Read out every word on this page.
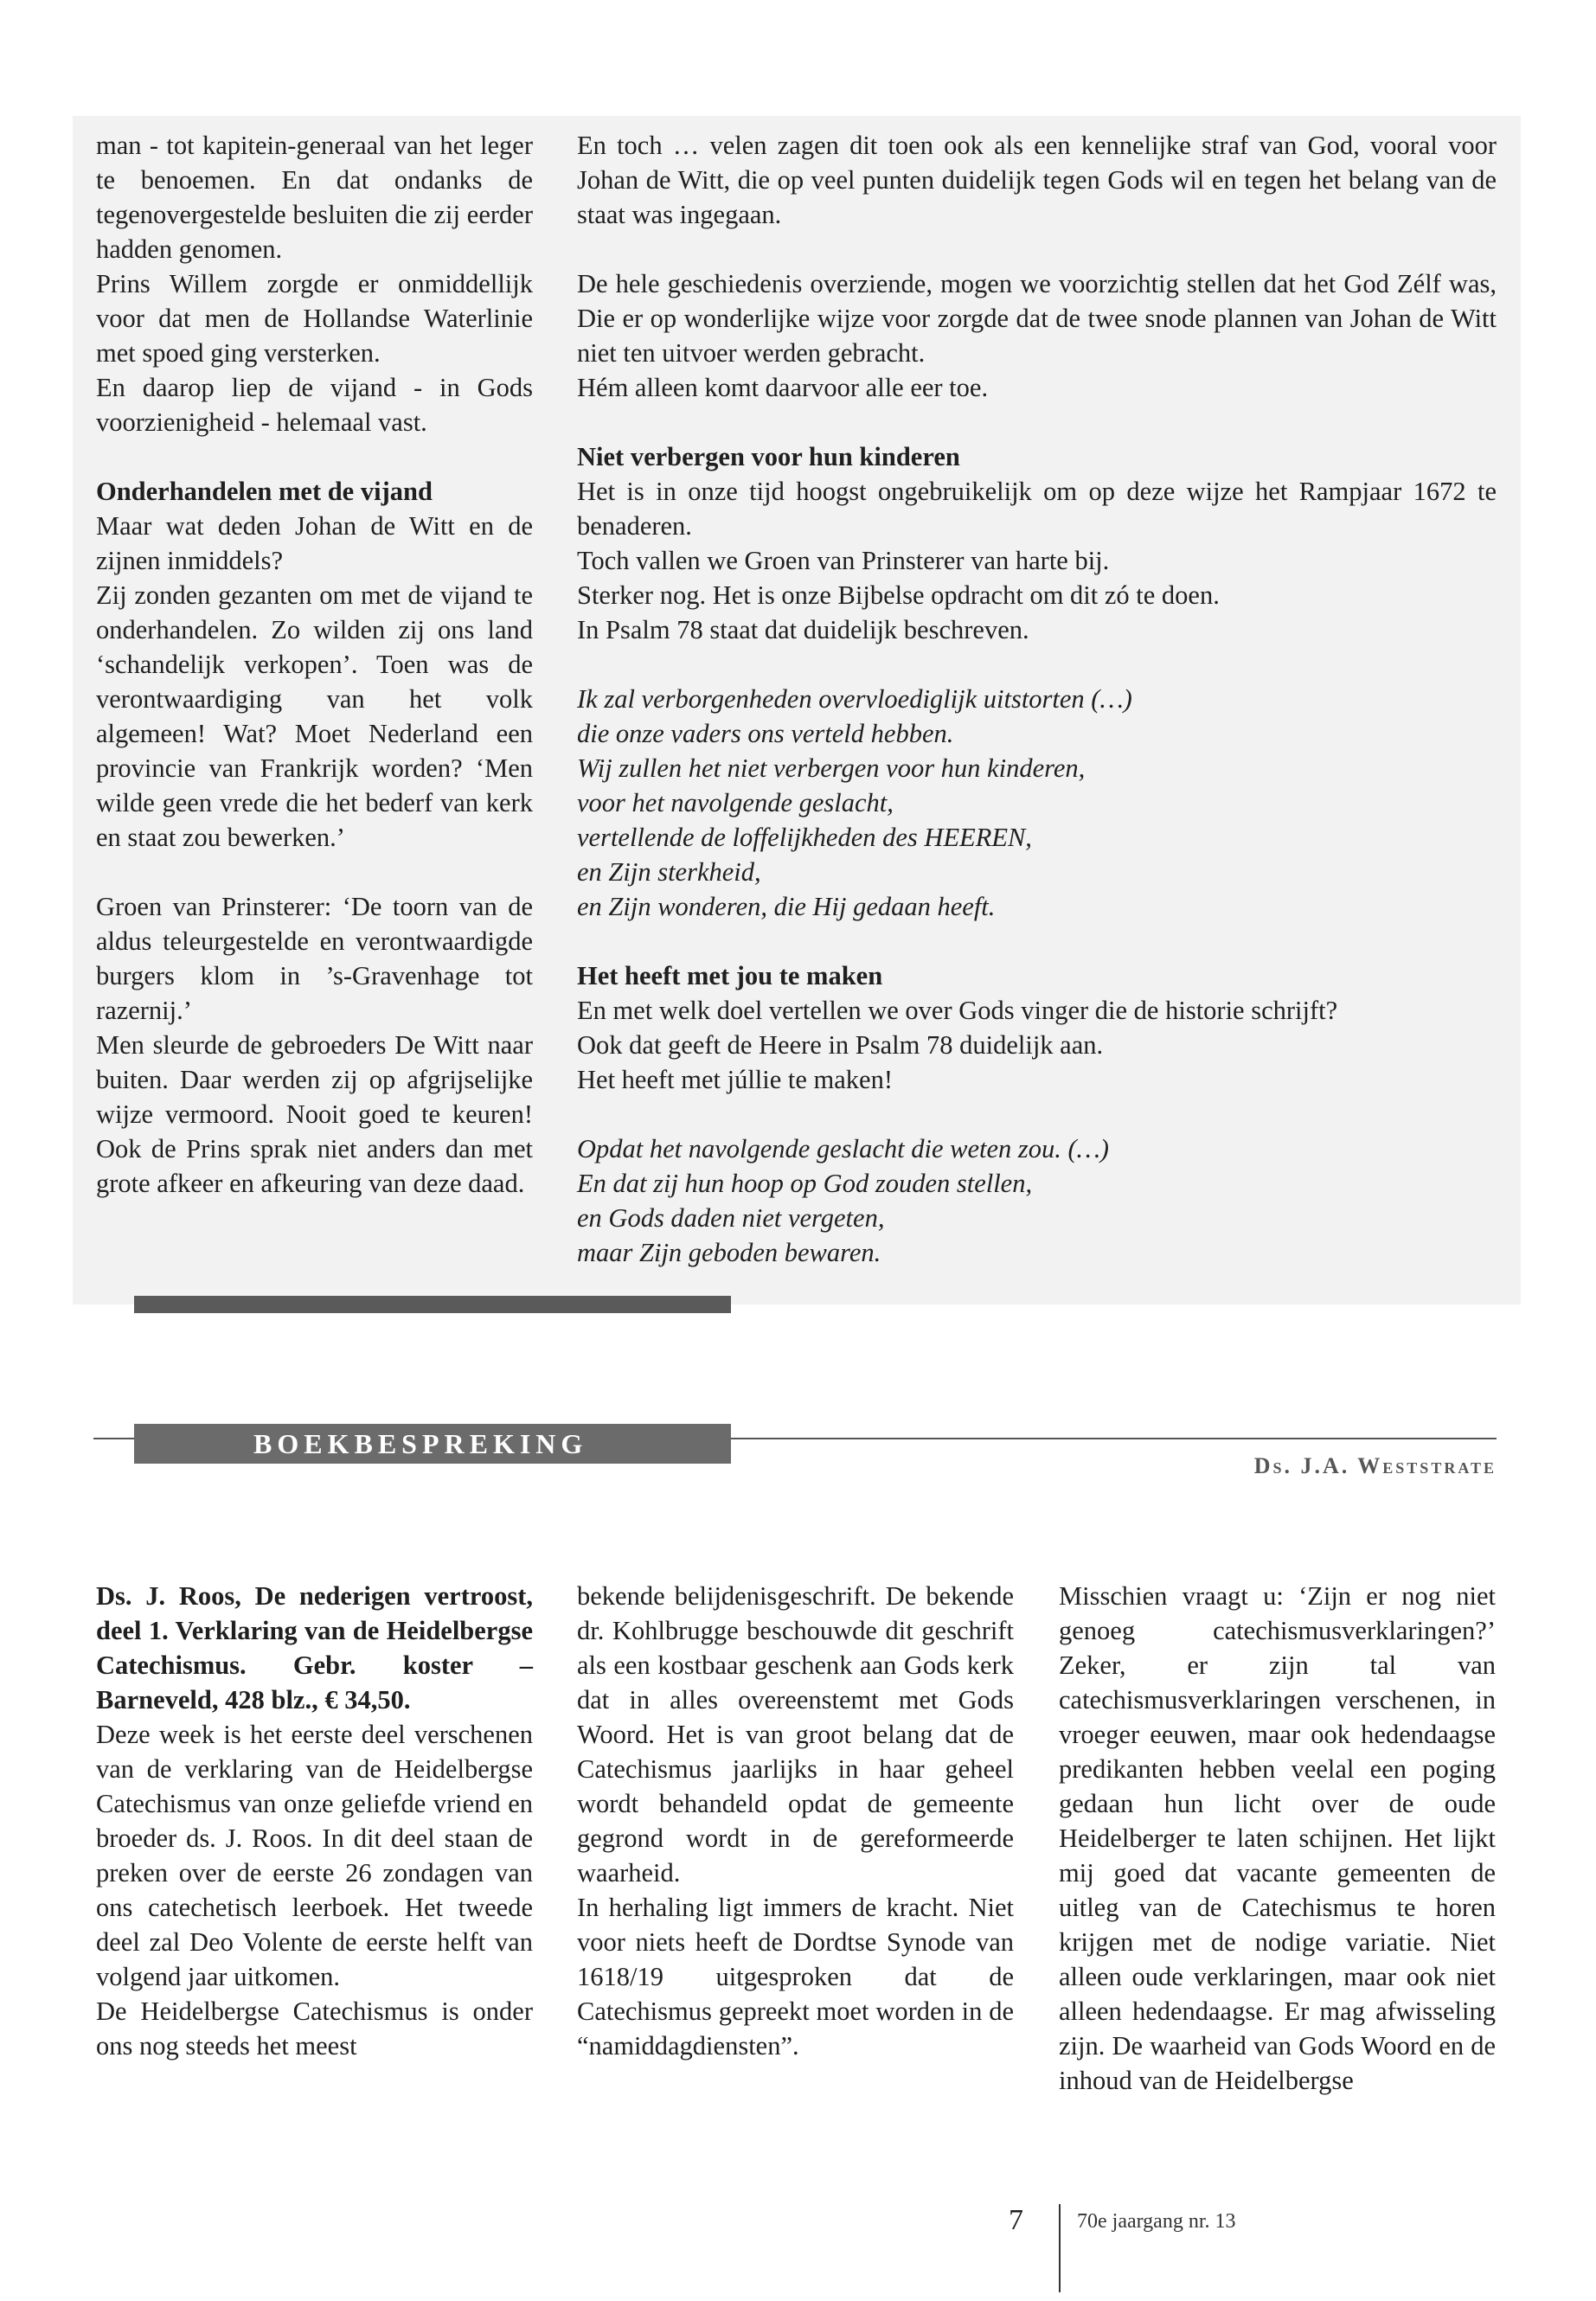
man - tot kapitein-generaal van het leger te benoemen. En dat ondanks de tegenovergestelde besluiten die zij eerder hadden genomen.

Prins Willem zorgde er onmiddellijk voor dat men de Hollandse Waterlinie met spoed ging versterken.

En daarop liep de vijand - in Gods voorzienigheid - helemaal vast.

Onderhandelen met de vijand

Maar wat deden Johan de Witt en de zijnen inmiddels?

Zij zonden gezanten om met de vijand te onderhandelen. Zo wilden zij ons land ‘schandelijk verkopen’. Toen was de verontwaardiging van het volk algemeen! Wat? Moet Nederland een provincie van Frankrijk worden? ‘Men wilde geen vrede die het bederf van kerk en staat zou bewerken.’

Groen van Prinsterer: ‘De toorn van de aldus teleurgestelde en verontwaardigde burgers klom in ’s-Gravenhage tot razernij.’

Men sleurde de gebroeders De Witt naar buiten. Daar werden zij op afgrijselijke wijze vermoord. Nooit goed te keuren! Ook de Prins sprak niet anders dan met grote afkeer en afkeuring van deze daad.

En toch … velen zagen dit toen ook als een kennelijke straf van God, vooral voor Johan de Witt, die op veel punten duidelijk tegen Gods wil en tegen het belang van de staat was ingegaan.

De hele geschiedenis overziende, mogen we voorzichtig stellen dat het God Zélf was, Die er op wonderlijke wijze voor zorgde dat de twee snode plannen van Johan de Witt niet ten uitvoer werden gebracht.

Hém alleen komt daarvoor alle eer toe.

Niet verbergen voor hun kinderen

Het is in onze tijd hoogst ongebruikelijk om op deze wijze het Rampjaar 1672 te benaderen.

Toch vallen we Groen van Prinsterer van harte bij.

Sterker nog. Het is onze Bijbelse opdracht om dit zó te doen.

In Psalm 78 staat dat duidelijk beschreven.

Ik zal verborgenheden overvloediglijk uitstorten (…)

die onze vaders ons verteld hebben.

Wij zullen het niet verbergen voor hun kinderen,

voor het navolgende geslacht,

vertellende de loffelijkheden des HEEREN,

en Zijn sterkheid,

en Zijn wonderen, die Hij gedaan heeft.

Het heeft met jou te maken

En met welk doel vertellen we over Gods vinger die de historie schrijft?

Ook dat geeft de Heere in Psalm 78 duidelijk aan.

Het heeft met júllie te maken!

Opdat het navolgende geslacht die weten zou. (…)

En dat zij hun hoop op God zouden stellen,

en Gods daden niet vergeten,

maar Zijn geboden bewaren.

BOEKBESPREKING
Ds. J.A. Weststrate

Ds. J. Roos, De nederigen vertroost, deel 1. Verklaring van de Heidelbergse Catechismus. Gebr. koster – Barneveld, 428 blz., € 34,50.

Deze week is het eerste deel verschenen van de verklaring van de Heidelbergse Catechismus van onze geliefde vriend en broeder ds. J. Roos. In dit deel staan de preken over de eerste 26 zondagen van ons catechetisch leerboek. Het tweede deel zal Deo Volente de eerste helft van volgend jaar uitkomen.

De Heidelbergse Catechismus is onder ons nog steeds het meest

bekende belijdenisgeschrift. De bekende dr. Kohlbrugge beschouwde dit geschrift als een kostbaar geschenk aan Gods kerk dat in alles overeenstemt met Gods Woord. Het is van groot belang dat de Catechismus jaarlijks in haar geheel wordt behandeld opdat de gemeente gegrond wordt in de gereformeerde waarheid.

In herhaling ligt immers de kracht. Niet voor niets heeft de Dordtse Synode van 1618/19 uitgesproken dat de Catechismus gepreekt moet worden in de “namiddagdiensten”.

Misschien vraagt u: ‘Zijn er nog niet genoeg catechismusverklaringen?’ Zeker, er zijn tal van catechismusverklaringen verschenen, in vroeger eeuwen, maar ook hedendaagse predikanten hebben veelal een poging gedaan hun licht over de oude Heidelberger te laten schijnen. Het lijkt mij goed dat vacante gemeenten de uitleg van de Catechismus te horen krijgen met de nodige variatie. Niet alleen oude verklaringen, maar ook niet alleen hedendaagse. Er mag afwisseling zijn. De waarheid van Gods Woord en de inhoud van de Heidelbergse

7	70e jaargang nr. 13
